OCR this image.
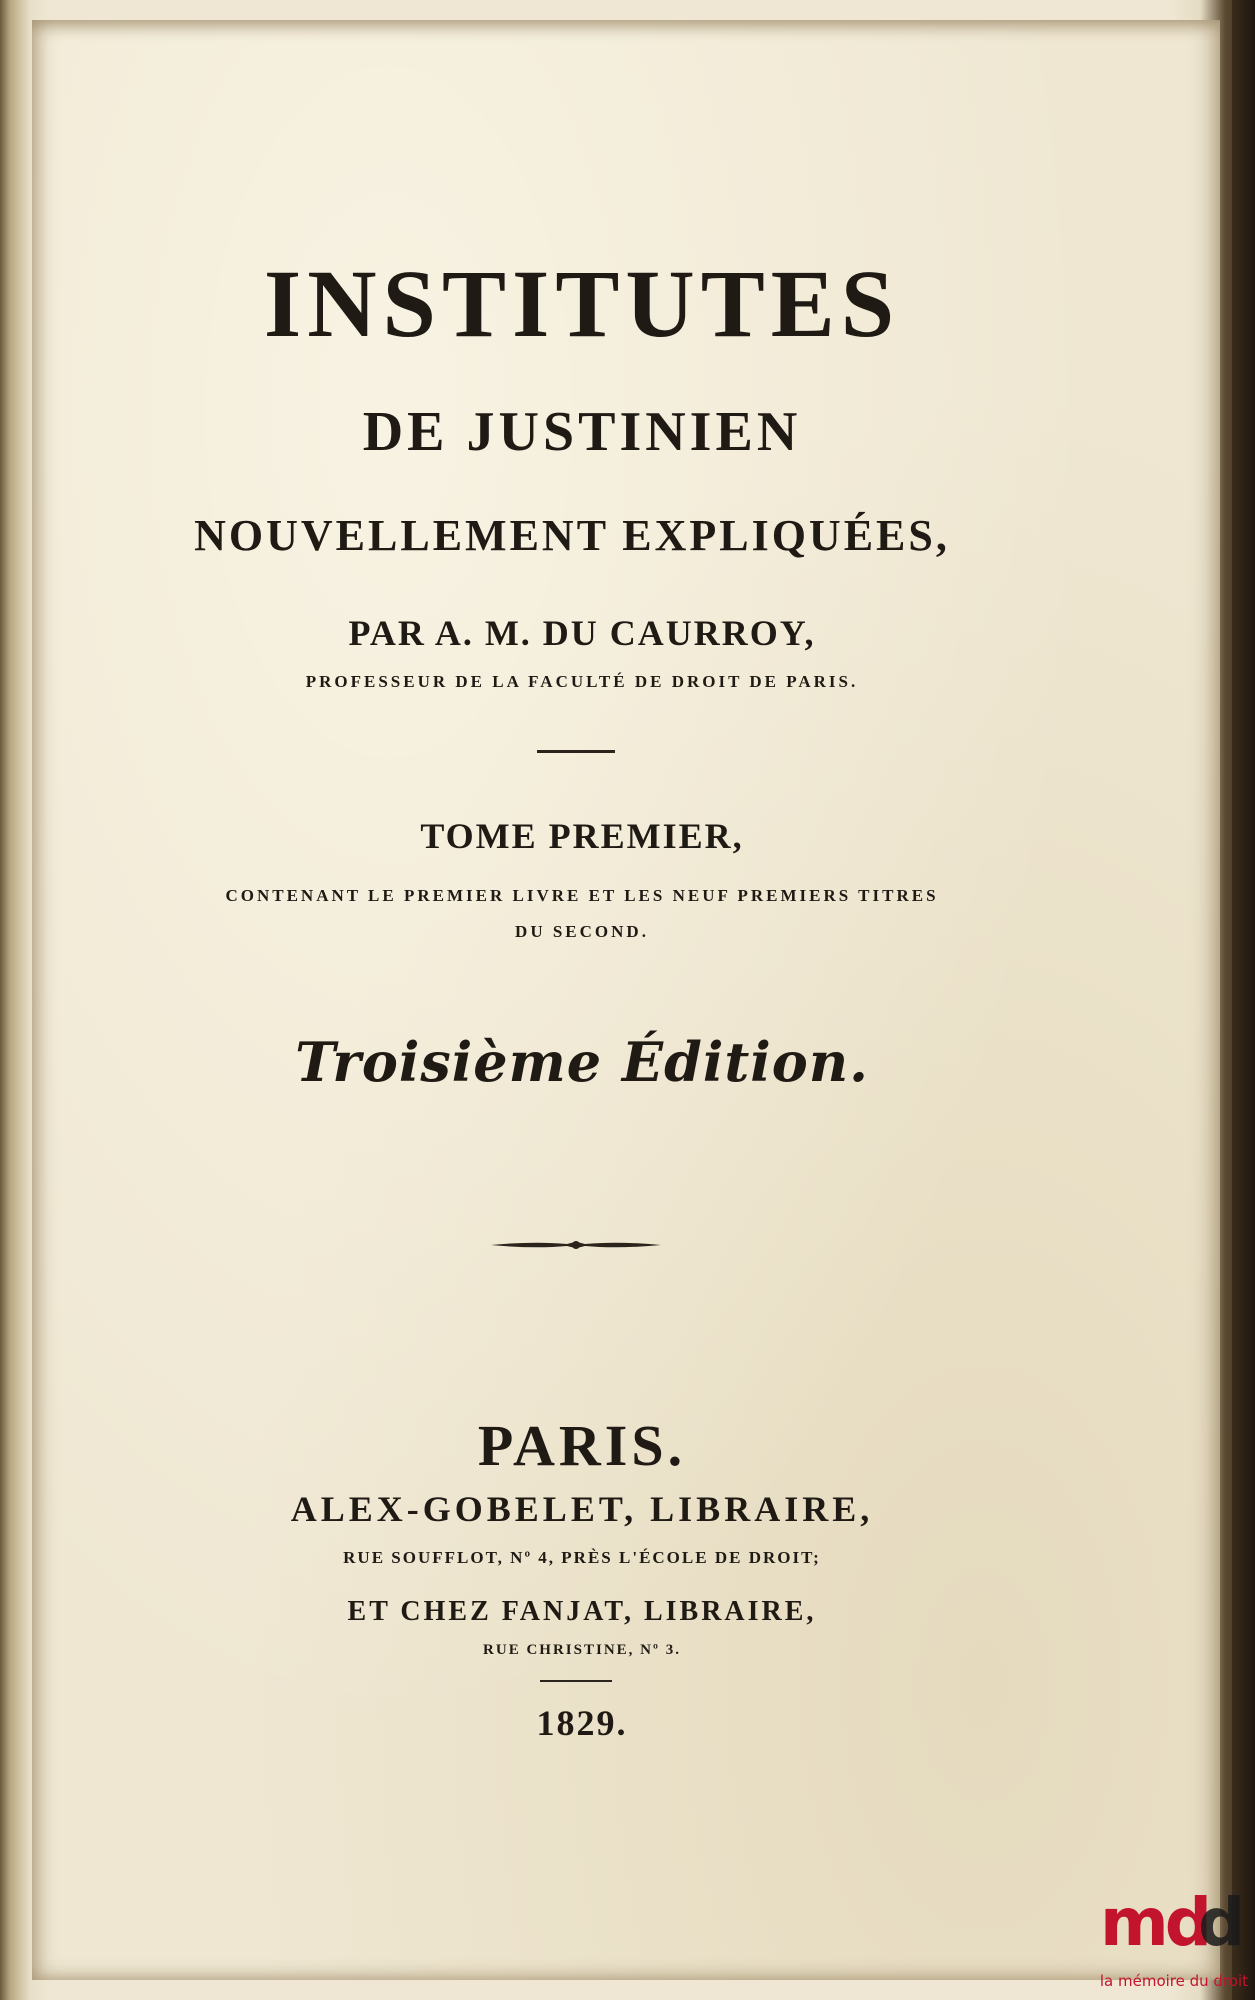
INSTITUTES
DE JUSTINIEN
NOUVELLEMENT EXPLIQUÉES,
PAR A. M. DU CAURROY,
PROFESSEUR DE LA FACULTÉ DE DROIT DE PARIS.
TOME PREMIER,
CONTENANT LE PREMIER LIVRE ET LES NEUF PREMIERS TITRES
DU SECOND.
Troisième Édition.
PARIS.
ALEX-GOBELET, LIBRAIRE,
RUE SOUFFLOT, Nº 4, PRÈS L'ÉCOLE DE DROIT;
ET CHEZ FANJAT, LIBRAIRE,
RUE CHRISTINE, Nº 3.
1829.
mdd
la mémoire du droit
